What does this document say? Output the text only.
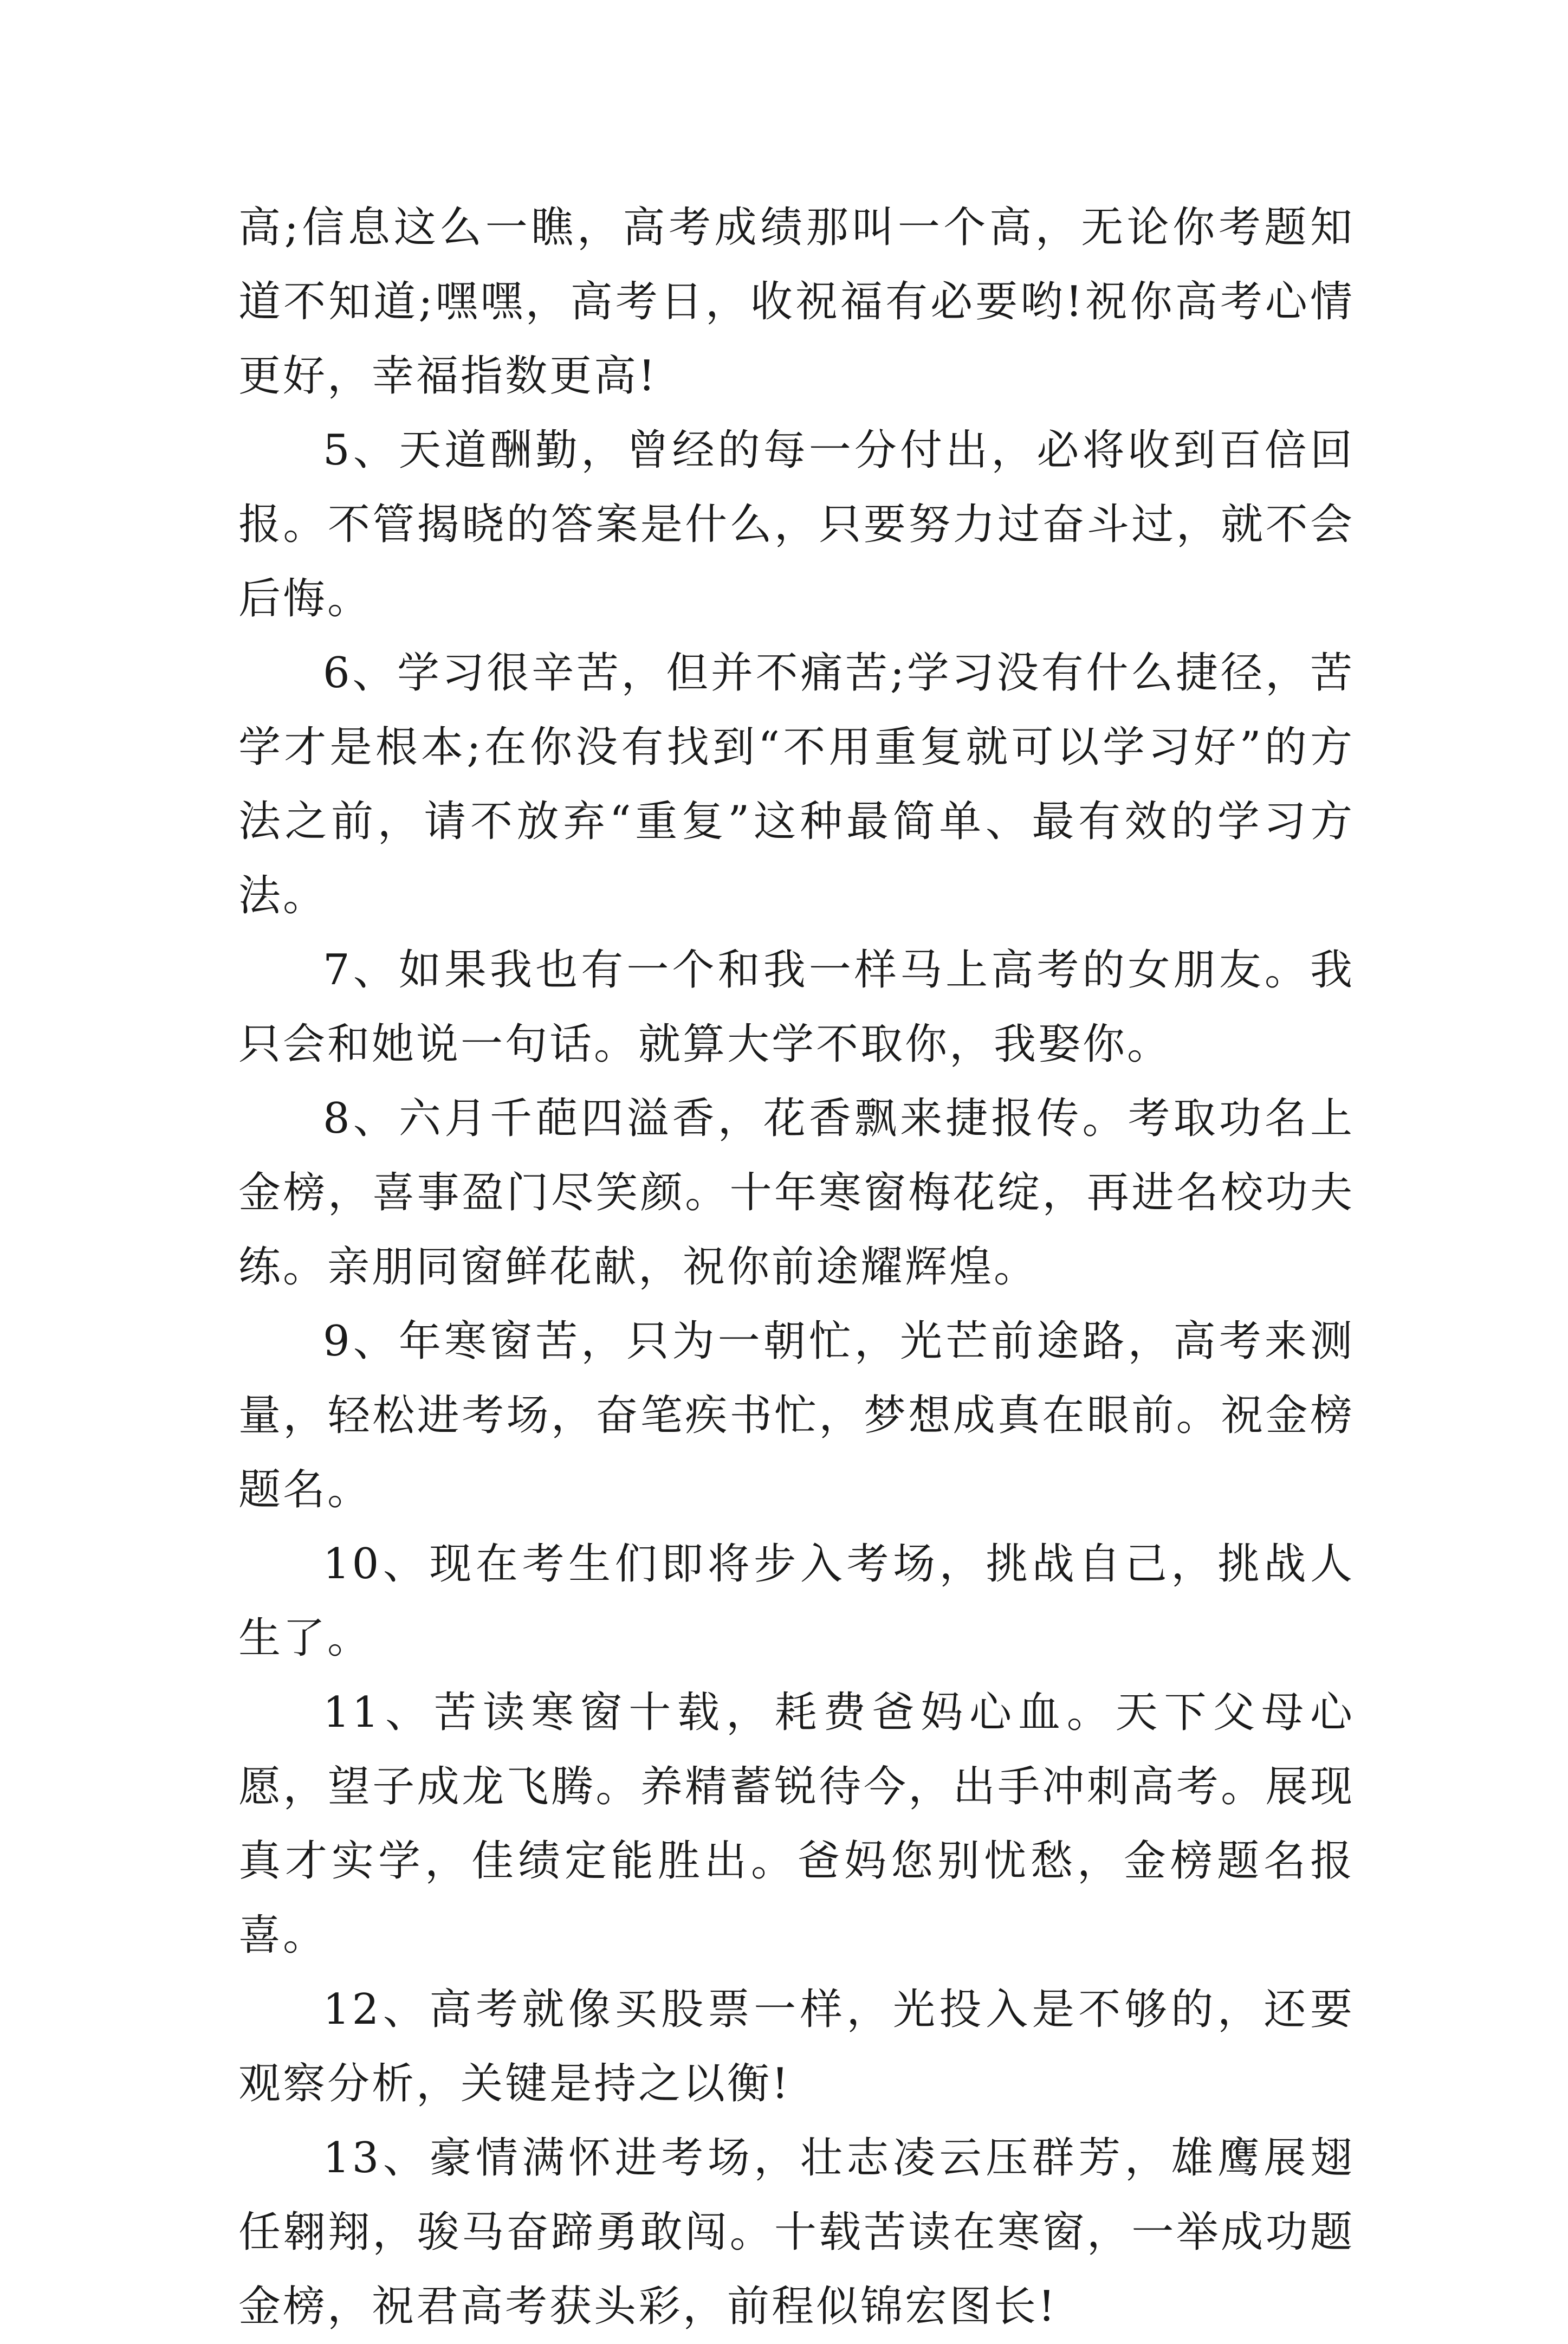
高;信息这么一瞧，高考成绩那叫一个高，无论你考题知道不知道;嘿嘿，高考日，收祝福有必要哟!祝你高考心情更好，幸福指数更高!

5、天道酬勤，曾经的每一分付出，必将收到百倍回报。不管揭晓的答案是什么，只要努力过奋斗过，就不会后悔。

6、学习很辛苦，但并不痛苦;学习没有什么捷径，苦学才是根本;在你没有找到“不用重复就可以学习好”的方法之前，请不放弃“重复”这种最简单、最有效的学习方法。

7、如果我也有一个和我一样马上高考的女朋友。我只会和她说一句话。就算大学不取你，我娶你。

8、六月千葩四溢香，花香飘来捷报传。考取功名上金榜，喜事盈门尽笑颜。十年寒窗梅花绽，再进名校功夫练。亲朋同窗鲜花献，祝你前途耀辉煌。

9、年寒窗苦，只为一朝忙，光芒前途路，高考来测量，轻松进考场，奋笔疾书忙，梦想成真在眼前。祝金榜题名。

10、现在考生们即将步入考场，挑战自己，挑战人生了。

11、苦读寒窗十载，耗费爸妈心血。天下父母心愿，望子成龙飞腾。养精蓄锐待今，出手冲刺高考。展现真才实学，佳绩定能胜出。爸妈您别忧愁，金榜题名报喜。

12、高考就像买股票一样，光投入是不够的，还要观察分析，关键是持之以衡!

13、豪情满怀进考场，壮志凌云压群芳，雄鹰展翅任翱翔，骏马奋蹄勇敢闯。十载苦读在寒窗，一举成功题金榜，祝君高考获头彩，前程似锦宏图长!
